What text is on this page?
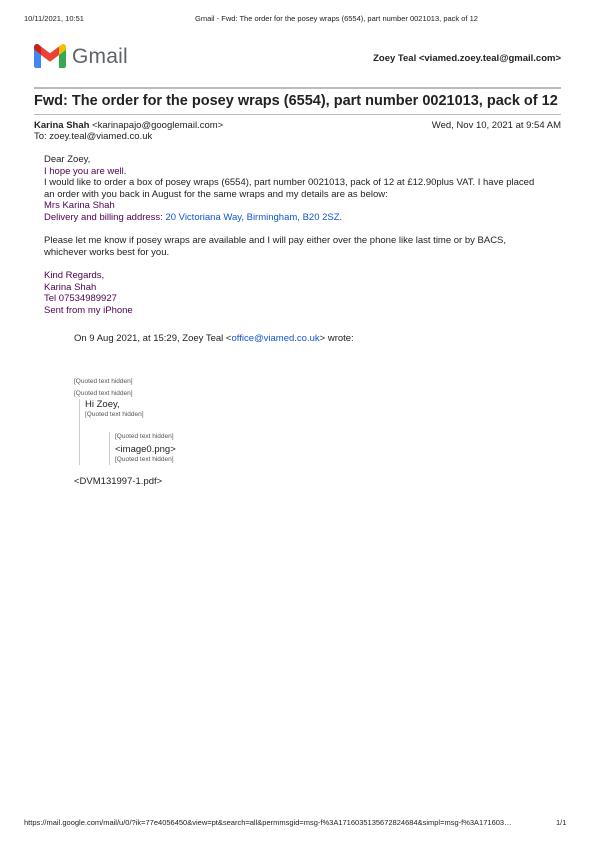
10/11/2021, 10:51	Gmail - Fwd: The order for the posey wraps (6554), part number 0021013, pack of 12
Gmail	Zoey Teal <viamed.zoey.teal@gmail.com>
Fwd: The order for the posey wraps (6554), part number 0021013, pack of 12
Karina Shah <karinapajo@googlemail.com>	Wed, Nov 10, 2021 at 9:54 AM
To: zoey.teal@viamed.co.uk
Dear Zoey,
I hope you are well.
I would like to order a box of posey wraps (6554), part number 0021013, pack of 12 at £12.90plus VAT. I have placed
an order with you back in August for the same wraps and my details are as below:
Mrs Karina Shah
Delivery and billing address: 20 Victoriana Way, Birmingham, B20 2SZ.
Please let me know if posey wraps are available and I will pay either over the phone like last time or by BACS,
whichever works best for you.
Kind Regards,
Karina Shah
Tel 07534989927
Sent from my iPhone
On 9 Aug 2021, at 15:29, Zoey Teal <office@viamed.co.uk> wrote:
[Quoted text hidden]
[Quoted text hidden]
Hi Zoey,
[Quoted text hidden]
[Quoted text hidden]
<image0.png>
[Quoted text hidden]
<DVM131997-1.pdf>
https://mail.google.com/mail/u/0/?ik=77e4056450&view=pt&search=all&permmsgid=msg-f%3A1716035135672824684&simpl=msg-f%3A171603…	1/1
